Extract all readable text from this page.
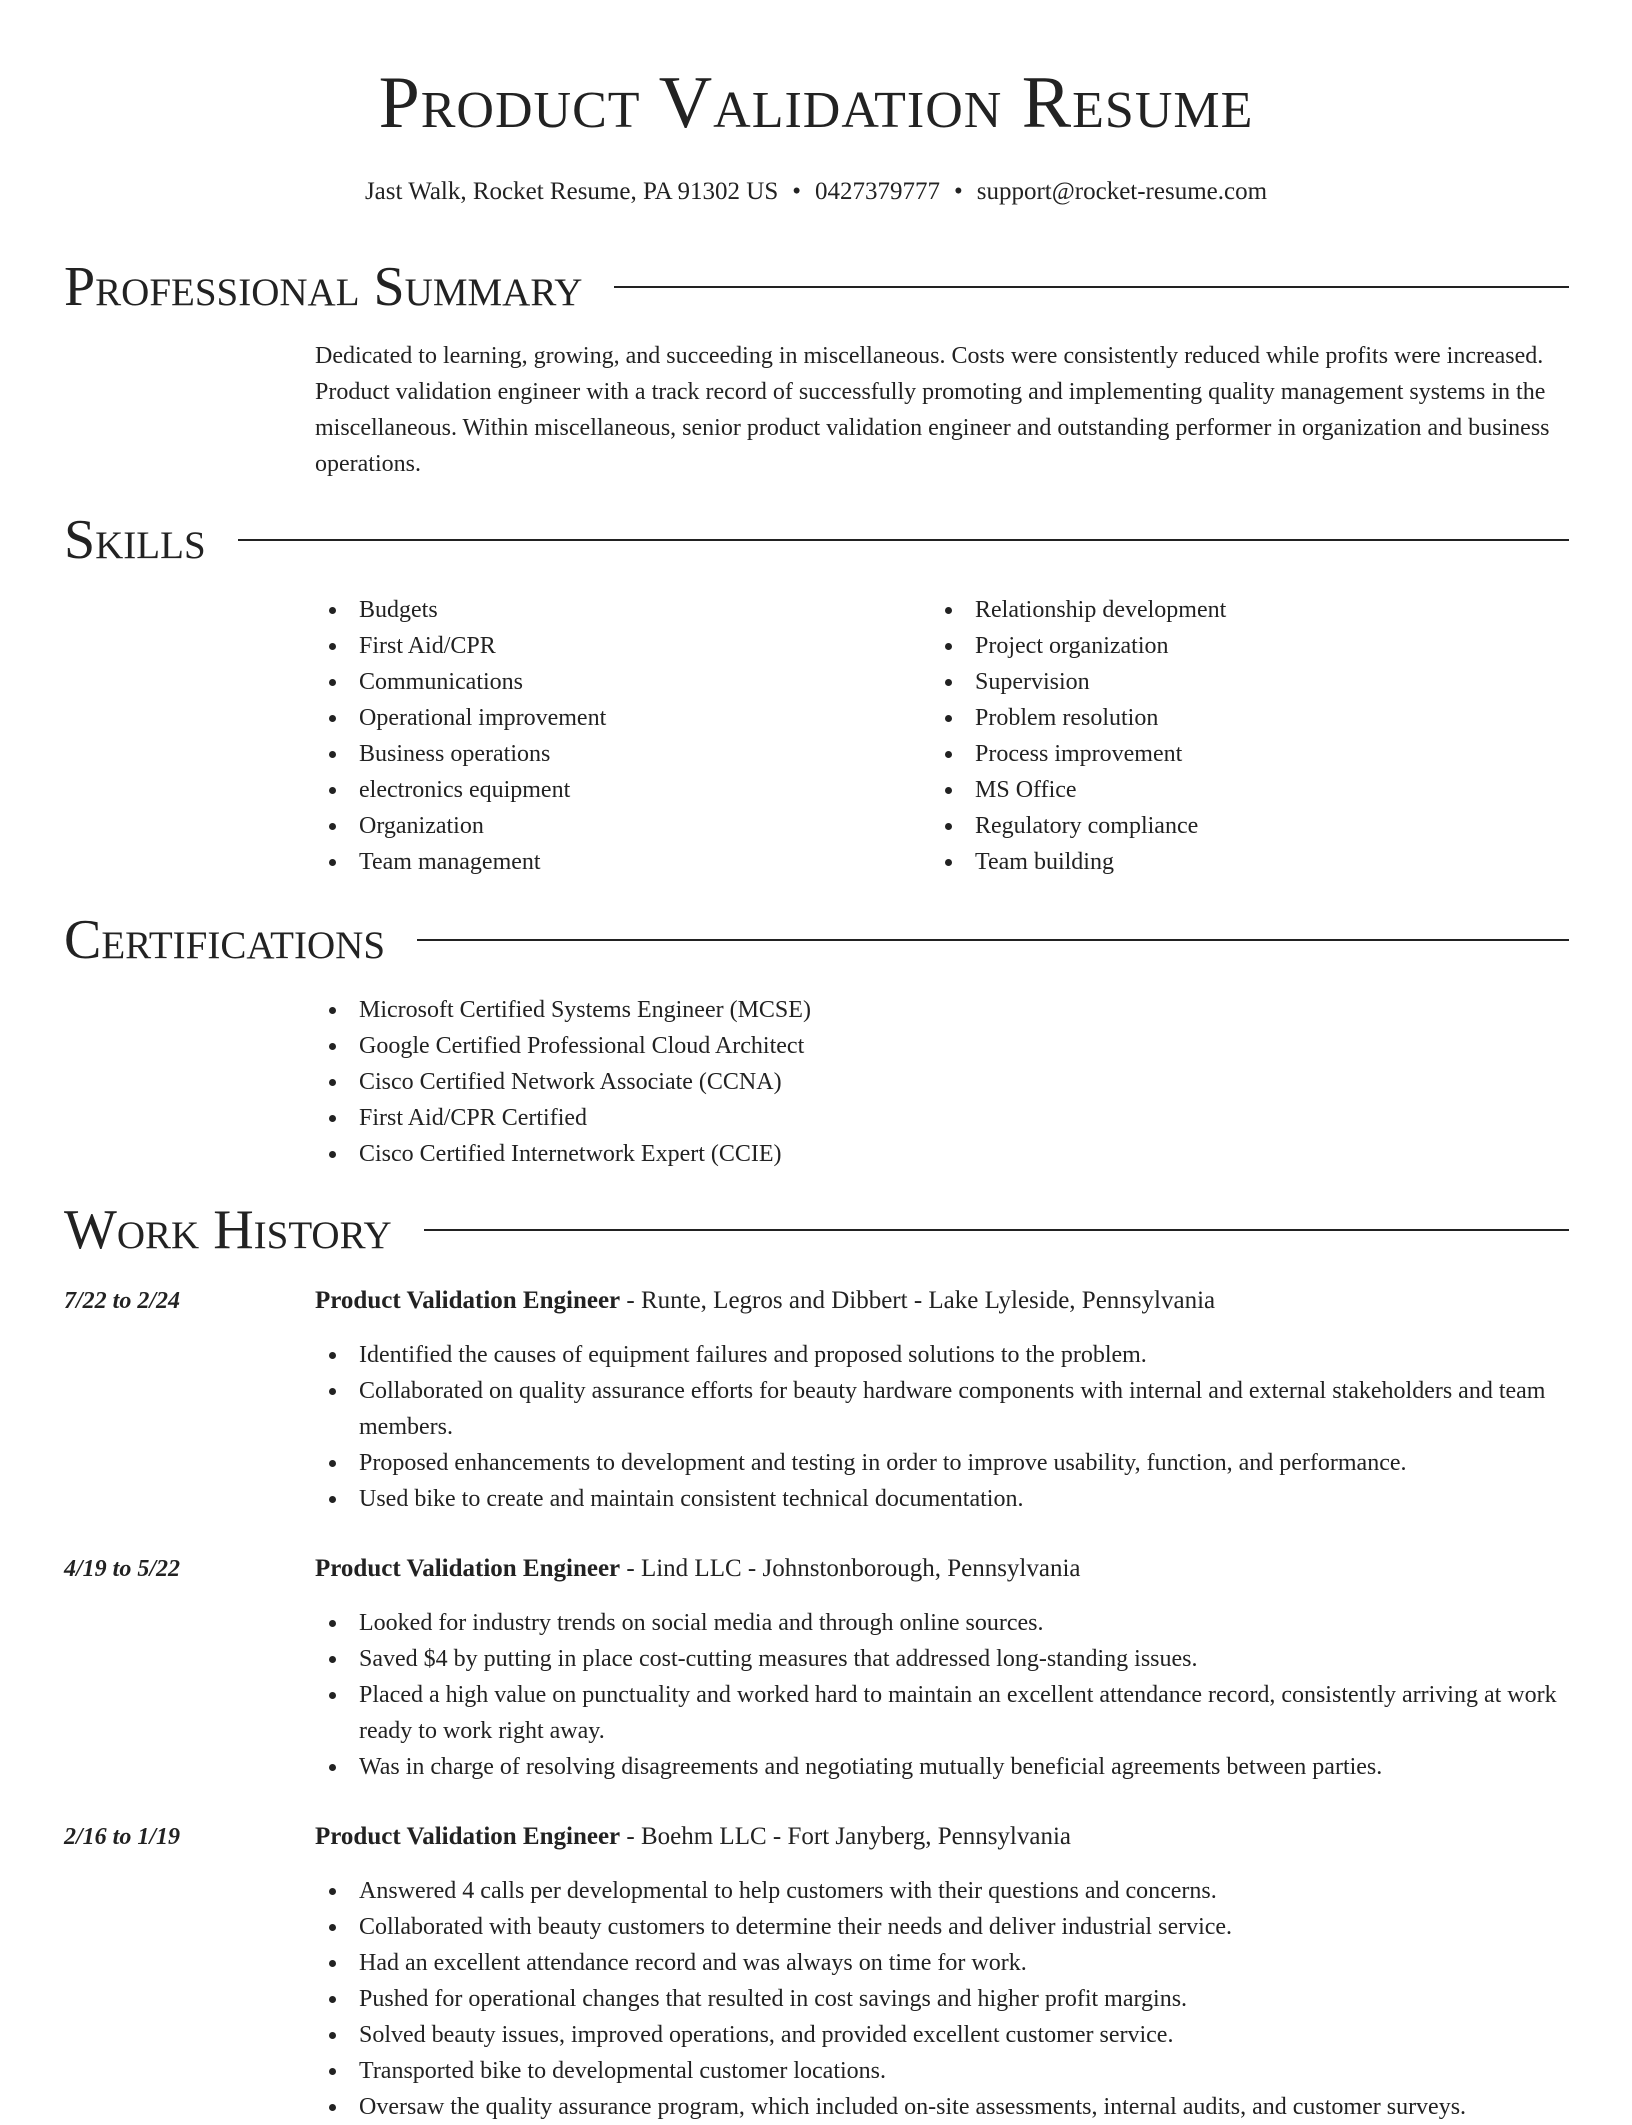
Product Validation Resume
Jast Walk, Rocket Resume, PA 91302 US • 0427379777 • support@rocket-resume.com
Professional Summary

Dedicated to learning, growing, and succeeding in miscellaneous. Costs were consistently reduced while profits were increased. Product validation engineer with a track record of successfully promoting and implementing quality management systems in the miscellaneous. Within miscellaneous, senior product validation engineer and outstanding performer in organization and business operations.

Skills
Budgets
First Aid/CPR
Communications
Operational improvement
Business operations
electronics equipment
Organization
Team management
Relationship development
Project organization
Supervision
Problem resolution
Process improvement
MS Office
Regulatory compliance
Team building
Certifications
Microsoft Certified Systems Engineer (MCSE)
Google Certified Professional Cloud Architect
Cisco Certified Network Associate (CCNA)
First Aid/CPR Certified
Cisco Certified Internetwork Expert (CCIE)
Work History
7/22 to 2/24	Product Validation Engineer - Runte, Legros and Dibbert - Lake Lyleside, Pennsylvania
Identified the causes of equipment failures and proposed solutions to the problem.
Collaborated on quality assurance efforts for beauty hardware components with internal and external stakeholders and team members.
Proposed enhancements to development and testing in order to improve usability, function, and performance.
Used bike to create and maintain consistent technical documentation.
4/19 to 5/22	Product Validation Engineer - Lind LLC - Johnstonborough, Pennsylvania
Looked for industry trends on social media and through online sources.
Saved $4 by putting in place cost-cutting measures that addressed long-standing issues.
Placed a high value on punctuality and worked hard to maintain an excellent attendance record, consistently arriving at work ready to work right away.
Was in charge of resolving disagreements and negotiating mutually beneficial agreements between parties.
2/16 to 1/19	Product Validation Engineer - Boehm LLC - Fort Janyberg, Pennsylvania
Answered 4 calls per developmental to help customers with their questions and concerns.
Collaborated with beauty customers to determine their needs and deliver industrial service.
Had an excellent attendance record and was always on time for work.
Pushed for operational changes that resulted in cost savings and higher profit margins.
Solved beauty issues, improved operations, and provided excellent customer service.
Transported bike to developmental customer locations.
Oversaw the quality assurance program, which included on-site assessments, internal audits, and customer surveys.
